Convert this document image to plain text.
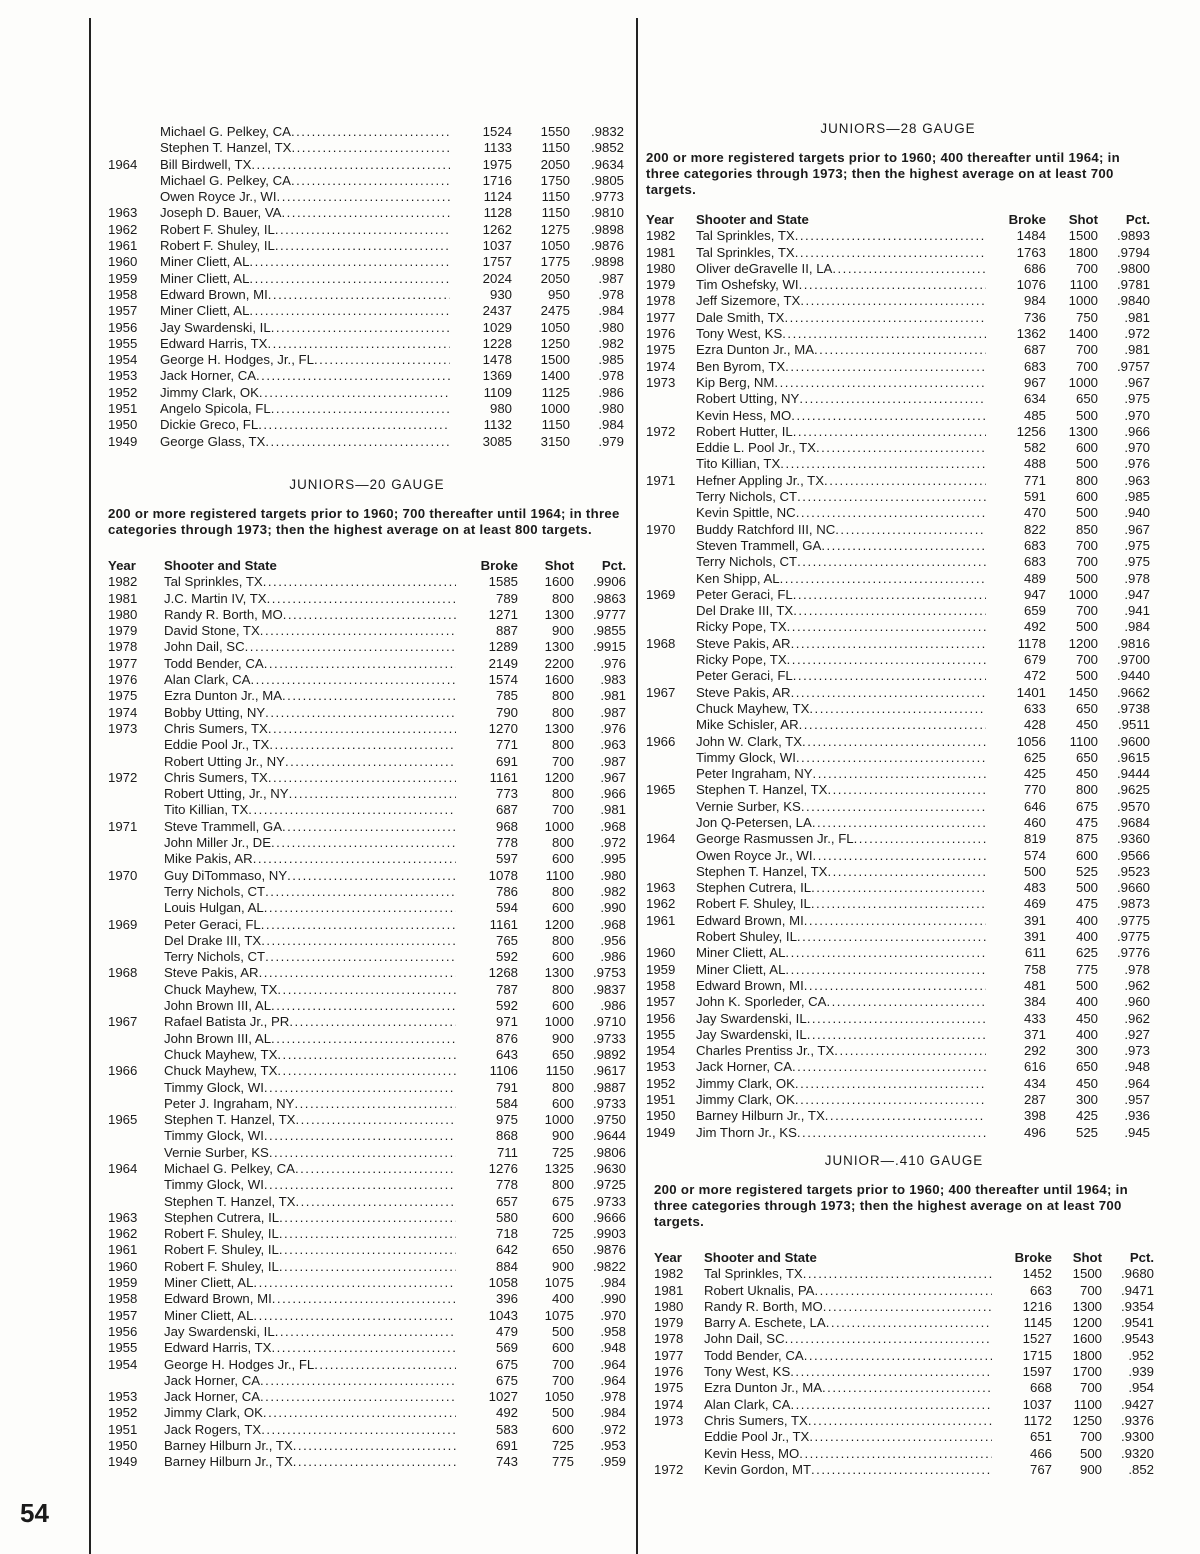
Michael G. Pelkey, CA .....	1524	1550	.9832
Stephen T. Hanzel, TX .....	1133	1150	.9852
1964	Bill Birdwell, TX .....	1975	2050	.9634
Michael G. Pelkey, CA .....	1716	1750	.9805
Owen Royce Jr., WI .....	1124	1150	.9773
1963	Joseph D. Bauer, VA .....	1128	1150	.9810
1962	Robert F. Shuley, IL .....	1262	1275	.9898
1961	Robert F. Shuley, IL .....	1037	1050	.9876
1960	Miner Cliett, AL .....	1757	1775	.9898
1959	Miner Cliett, AL .....	2024	2050	.987
1958	Edward Brown, MI .....	930	950	.978
1957	Miner Cliett, AL .....	2437	2475	.984
1956	Jay Swardenski, IL .....	1029	1050	.980
1955	Edward Harris, TX .....	1228	1250	.982
1954	George H. Hodges, Jr., FL .....	1478	1500	.985
1953	Jack Horner, CA .....	1369	1400	.978
1952	Jimmy Clark, OK .....	1109	1125	.986
1951	Angelo Spicola, FL .....	980	1000	.980
1950	Dickie Greco, FL .....	1132	1150	.984
1949	George Glass, TX .....	3085	3150	.979
JUNIORS—20 GAUGE
200 or more registered targets prior to 1960; 700 thereafter until 1964; in three categories through 1973; then the highest average on at least 800 targets.
Year	Shooter and State	Broke	Shot	Pct.
1982	Tal Sprinkles, TX .....	1585	1600	.9906
1981	J.C. Martin IV, TX .....	789	800	.9863
1980	Randy R. Borth, MO .....	1271	1300	.9777
1979	David Stone, TX .....	887	900	.9855
1978	John Dail, SC .....	1289	1300	.9915
1977	Todd Bender, CA .....	2149	2200	.976
1976	Alan Clark, CA .....	1574	1600	.983
1975	Ezra Dunton Jr., MA .....	785	800	.981
1974	Bobby Utting, NY .....	790	800	.987
1973	Chris Sumers, TX .....	1270	1300	.976
Eddie Pool Jr., TX .....	771	800	.963
Robert Utting Jr., NY .....	691	700	.987
1972	Chris Sumers, TX .....	1161	1200	.967
Robert Utting, Jr., NY .....	773	800	.966
Tito Killian, TX .....	687	700	.981
1971	Steve Trammell, GA .....	968	1000	.968
John Miller Jr., DE .....	778	800	.972
Mike Pakis, AR .....	597	600	.995
1970	Guy DiTommaso, NY .....	1078	1100	.980
Terry Nichols, CT .....	786	800	.982
Louis Hulgan, AL .....	594	600	.990
1969	Peter Geraci, FL .....	1161	1200	.968
Del Drake III, TX .....	765	800	.956
Terry Nichols, CT .....	592	600	.986
1968	Steve Pakis, AR .....	1268	1300	.9753
Chuck Mayhew, TX .....	787	800	.9837
John Brown III, AL .....	592	600	.986
1967	Rafael Batista Jr., PR .....	971	1000	.9710
John Brown III, AL .....	876	900	.9733
Chuck Mayhew, TX .....	643	650	.9892
1966	Chuck Mayhew, TX .....	1106	1150	.9617
Timmy Glock, WI .....	791	800	.9887
Peter J. Ingraham, NY .....	584	600	.9733
1965	Stephen T. Hanzel, TX .....	975	1000	.9750
Timmy Glock, WI .....	868	900	.9644
Vernie Surber, KS .....	711	725	.9806
1964	Michael G. Pelkey, CA .....	1276	1325	.9630
Timmy Glock, WI .....	778	800	.9725
Stephen T. Hanzel, TX .....	657	675	.9733
1963	Stephen Cutrera, IL .....	580	600	.9666
1962	Robert F. Shuley, IL .....	718	725	.9903
1961	Robert F. Shuley, IL .....	642	650	.9876
1960	Robert F. Shuley, IL .....	884	900	.9822
1959	Miner Cliett, AL .....	1058	1075	.984
1958	Edward Brown, MI .....	396	400	.990
1957	Miner Cliett, AL .....	1043	1075	.970
1956	Jay Swardenski, IL .....	479	500	.958
1955	Edward Harris, TX .....	569	600	.948
1954	George H. Hodges Jr., FL .....	675	700	.964
Jack Horner, CA .....	675	700	.964
1953	Jack Horner, CA .....	1027	1050	.978
1952	Jimmy Clark, OK .....	492	500	.984
1951	Jack Rogers, TX .....	583	600	.972
1950	Barney Hilburn Jr., TX .....	691	725	.953
1949	Barney Hilburn Jr., TX .....	743	775	.959
JUNIORS—28 GAUGE
200 or more registered targets prior to 1960; 400 thereafter until 1964; in three categories through 1973; then the highest average on at least 700 targets.
Year	Shooter and State	Broke	Shot	Pct.
1982	Tal Sprinkles, TX .....	1484	1500	.9893
1981	Tal Sprinkles, TX .....	1763	1800	.9794
1980	Oliver deGravelle II, LA .....	686	700	.9800
1979	Tim Oshefsky, WI .....	1076	1100	.9781
1978	Jeff Sizemore, TX .....	984	1000	.9840
1977	Dale Smith, TX .....	736	750	.981
1976	Tony West, KS .....	1362	1400	.972
1975	Ezra Dunton Jr., MA .....	687	700	.981
1974	Ben Byrom, TX .....	683	700	.9757
1973	Kip Berg, NM .....	967	1000	.967
Robert Utting, NY .....	634	650	.975
Kevin Hess, MO .....	485	500	.970
1972	Robert Hutter, IL .....	1256	1300	.966
Eddie L. Pool Jr., TX .....	582	600	.970
Tito Killian, TX .....	488	500	.976
1971	Hefner Appling Jr., TX .....	771	800	.963
Terry Nichols, CT .....	591	600	.985
Kevin Spittle, NC .....	470	500	.940
1970	Buddy Ratchford III, NC .....	822	850	.967
Steven Trammell, GA .....	683	700	.975
Terry Nichols, CT .....	683	700	.975
Ken Shipp, AL .....	489	500	.978
1969	Peter Geraci, FL .....	947	1000	.947
Del Drake III, TX .....	659	700	.941
Ricky Pope, TX .....	492	500	.984
1968	Steve Pakis, AR .....	1178	1200	.9816
Ricky Pope, TX .....	679	700	.9700
Peter Geraci, FL .....	472	500	.9440
1967	Steve Pakis, AR .....	1401	1450	.9662
Chuck Mayhew, TX .....	633	650	.9738
Mike Schisler, AR .....	428	450	.9511
1966	John W. Clark, TX .....	1056	1100	.9600
Timmy Glock, WI .....	625	650	.9615
Peter Ingraham, NY .....	425	450	.9444
1965	Stephen T. Hanzel, TX .....	770	800	.9625
Vernie Surber, KS .....	646	675	.9570
Jon Q-Petersen, LA .....	460	475	.9684
1964	George Rasmussen Jr., FL .....	819	875	.9360
Owen Royce Jr., WI .....	574	600	.9566
Stephen T. Hanzel, TX .....	500	525	.9523
1963	Stephen Cutrera, IL .....	483	500	.9660
1962	Robert F. Shuley, IL .....	469	475	.9873
1961	Edward Brown, MI .....	391	400	.9775
Robert Shuley, IL .....	391	400	.9775
1960	Miner Cliett, AL .....	611	625	.9776
1959	Miner Cliett, AL .....	758	775	.978
1958	Edward Brown, MI .....	481	500	.962
1957	John K. Sporleder, CA .....	384	400	.960
1956	Jay Swardenski, IL .....	433	450	.962
1955	Jay Swardenski, IL .....	371	400	.927
1954	Charles Prentiss Jr., TX .....	292	300	.973
1953	Jack Horner, CA .....	616	650	.948
1952	Jimmy Clark, OK .....	434	450	.964
1951	Jimmy Clark, OK .....	287	300	.957
1950	Barney Hilburn Jr., TX .....	398	425	.936
1949	Jim Thorn Jr., KS .....	496	525	.945
JUNIOR—.410 GAUGE
200 or more registered targets prior to 1960; 400 thereafter until 1964; in three categories through 1973; then the highest average on at least 700 targets.
Year	Shooter and State	Broke	Shot	Pct.
1982	Tal Sprinkles, TX .....	1452	1500	.9680
1981	Robert Uknalis, PA .....	663	700	.9471
1980	Randy R. Borth, MO .....	1216	1300	.9354
1979	Barry A. Eschete, LA .....	1145	1200	.9541
1978	John Dail, SC .....	1527	1600	.9543
1977	Todd Bender, CA .....	1715	1800	.952
1976	Tony West, KS .....	1597	1700	.939
1975	Ezra Dunton Jr., MA .....	668	700	.954
1974	Alan Clark, CA .....	1037	1100	.9427
1973	Chris Sumers, TX .....	1172	1250	.9376
Eddie Pool Jr., TX .....	651	700	.9300
Kevin Hess, MO .....	466	500	.9320
1972	Kevin Gordon, MT .....	767	900	.852
54
